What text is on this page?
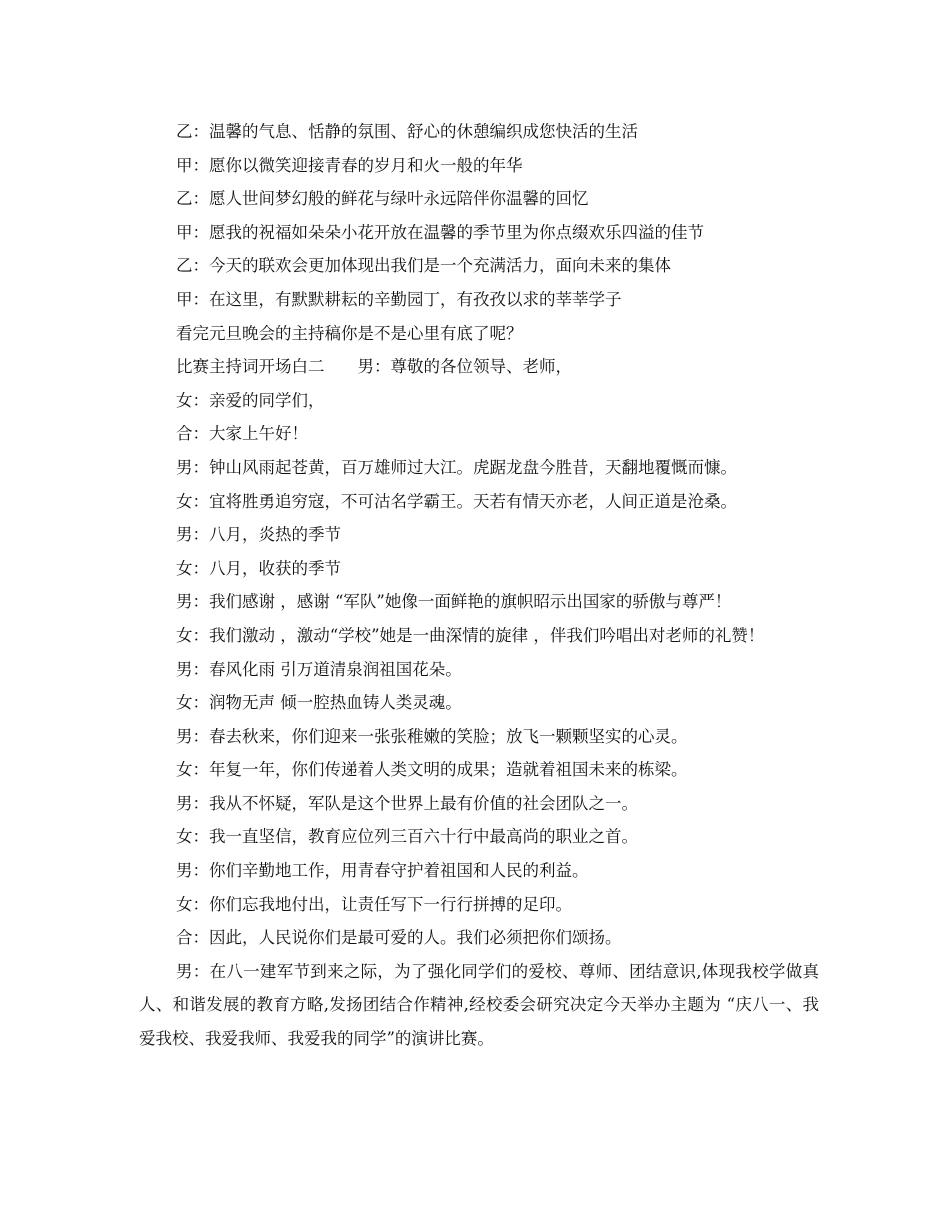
乙：温馨的气息、恬静的氛围、舒心的休憩编织成您快活的生活

甲：愿你以微笑迎接青春的岁月和火一般的年华

乙：愿人世间梦幻般的鲜花与绿叶永远陪伴你温馨的回忆

甲：愿我的祝福如朵朵小花开放在温馨的季节里为你点缀欢乐四溢的佳节

乙：今天的联欢会更加体现出我们是一个充满活力，面向未来的集体

甲：在这里，有默默耕耘的辛勤园丁，有孜孜以求的莘莘学子

看完元旦晚会的主持稿你是不是心里有底了呢？

比赛主持词开场白二　　男：尊敬的各位领导、老师，

女：亲爱的同学们，

合：大家上午好！

男：钟山风雨起苍黄，百万雄师过大江。虎踞龙盘今胜昔，天翻地覆慨而慷。

女：宜将胜勇追穷寇，不可沽名学霸王。天若有情天亦老，人间正道是沧桑。

男：八月，炎热的季节

女：八月，收获的季节

男：我们感谢 ，感谢 “军队”她像一面鲜艳的旗帜昭示出国家的骄傲与尊严！

女：我们激动 ，激动“学校”她是一曲深情的旋律 ，伴我们吟唱出对老师的礼赞！

男：春风化雨 引万道清泉润祖国花朵。

女：润物无声 倾一腔热血铸人类灵魂。

男：春去秋来，你们迎来一张张稚嫩的笑脸；放飞一颗颗坚实的心灵。

女：年复一年，你们传递着人类文明的成果；造就着祖国未来的栋梁。

男：我从不怀疑，军队是这个世界上最有价值的社会团队之一。

女：我一直坚信，教育应位列三百六十行中最高尚的职业之首。

男：你们辛勤地工作，用青春守护着祖国和人民的利益。

女：你们忘我地付出，让责任写下一行行拼搏的足印。

合：因此，人民说你们是最可爱的人。我们必须把你们颂扬。

男：在八一建军节到来之际，为了强化同学们的爱校、尊师、团结意识,体现我校学做真人、和谐发展的教育方略,发扬团结合作精神,经校委会研究决定今天举办主题为 “庆八一、我爱我校、我爱我师、我爱我的同学”的演讲比赛。
